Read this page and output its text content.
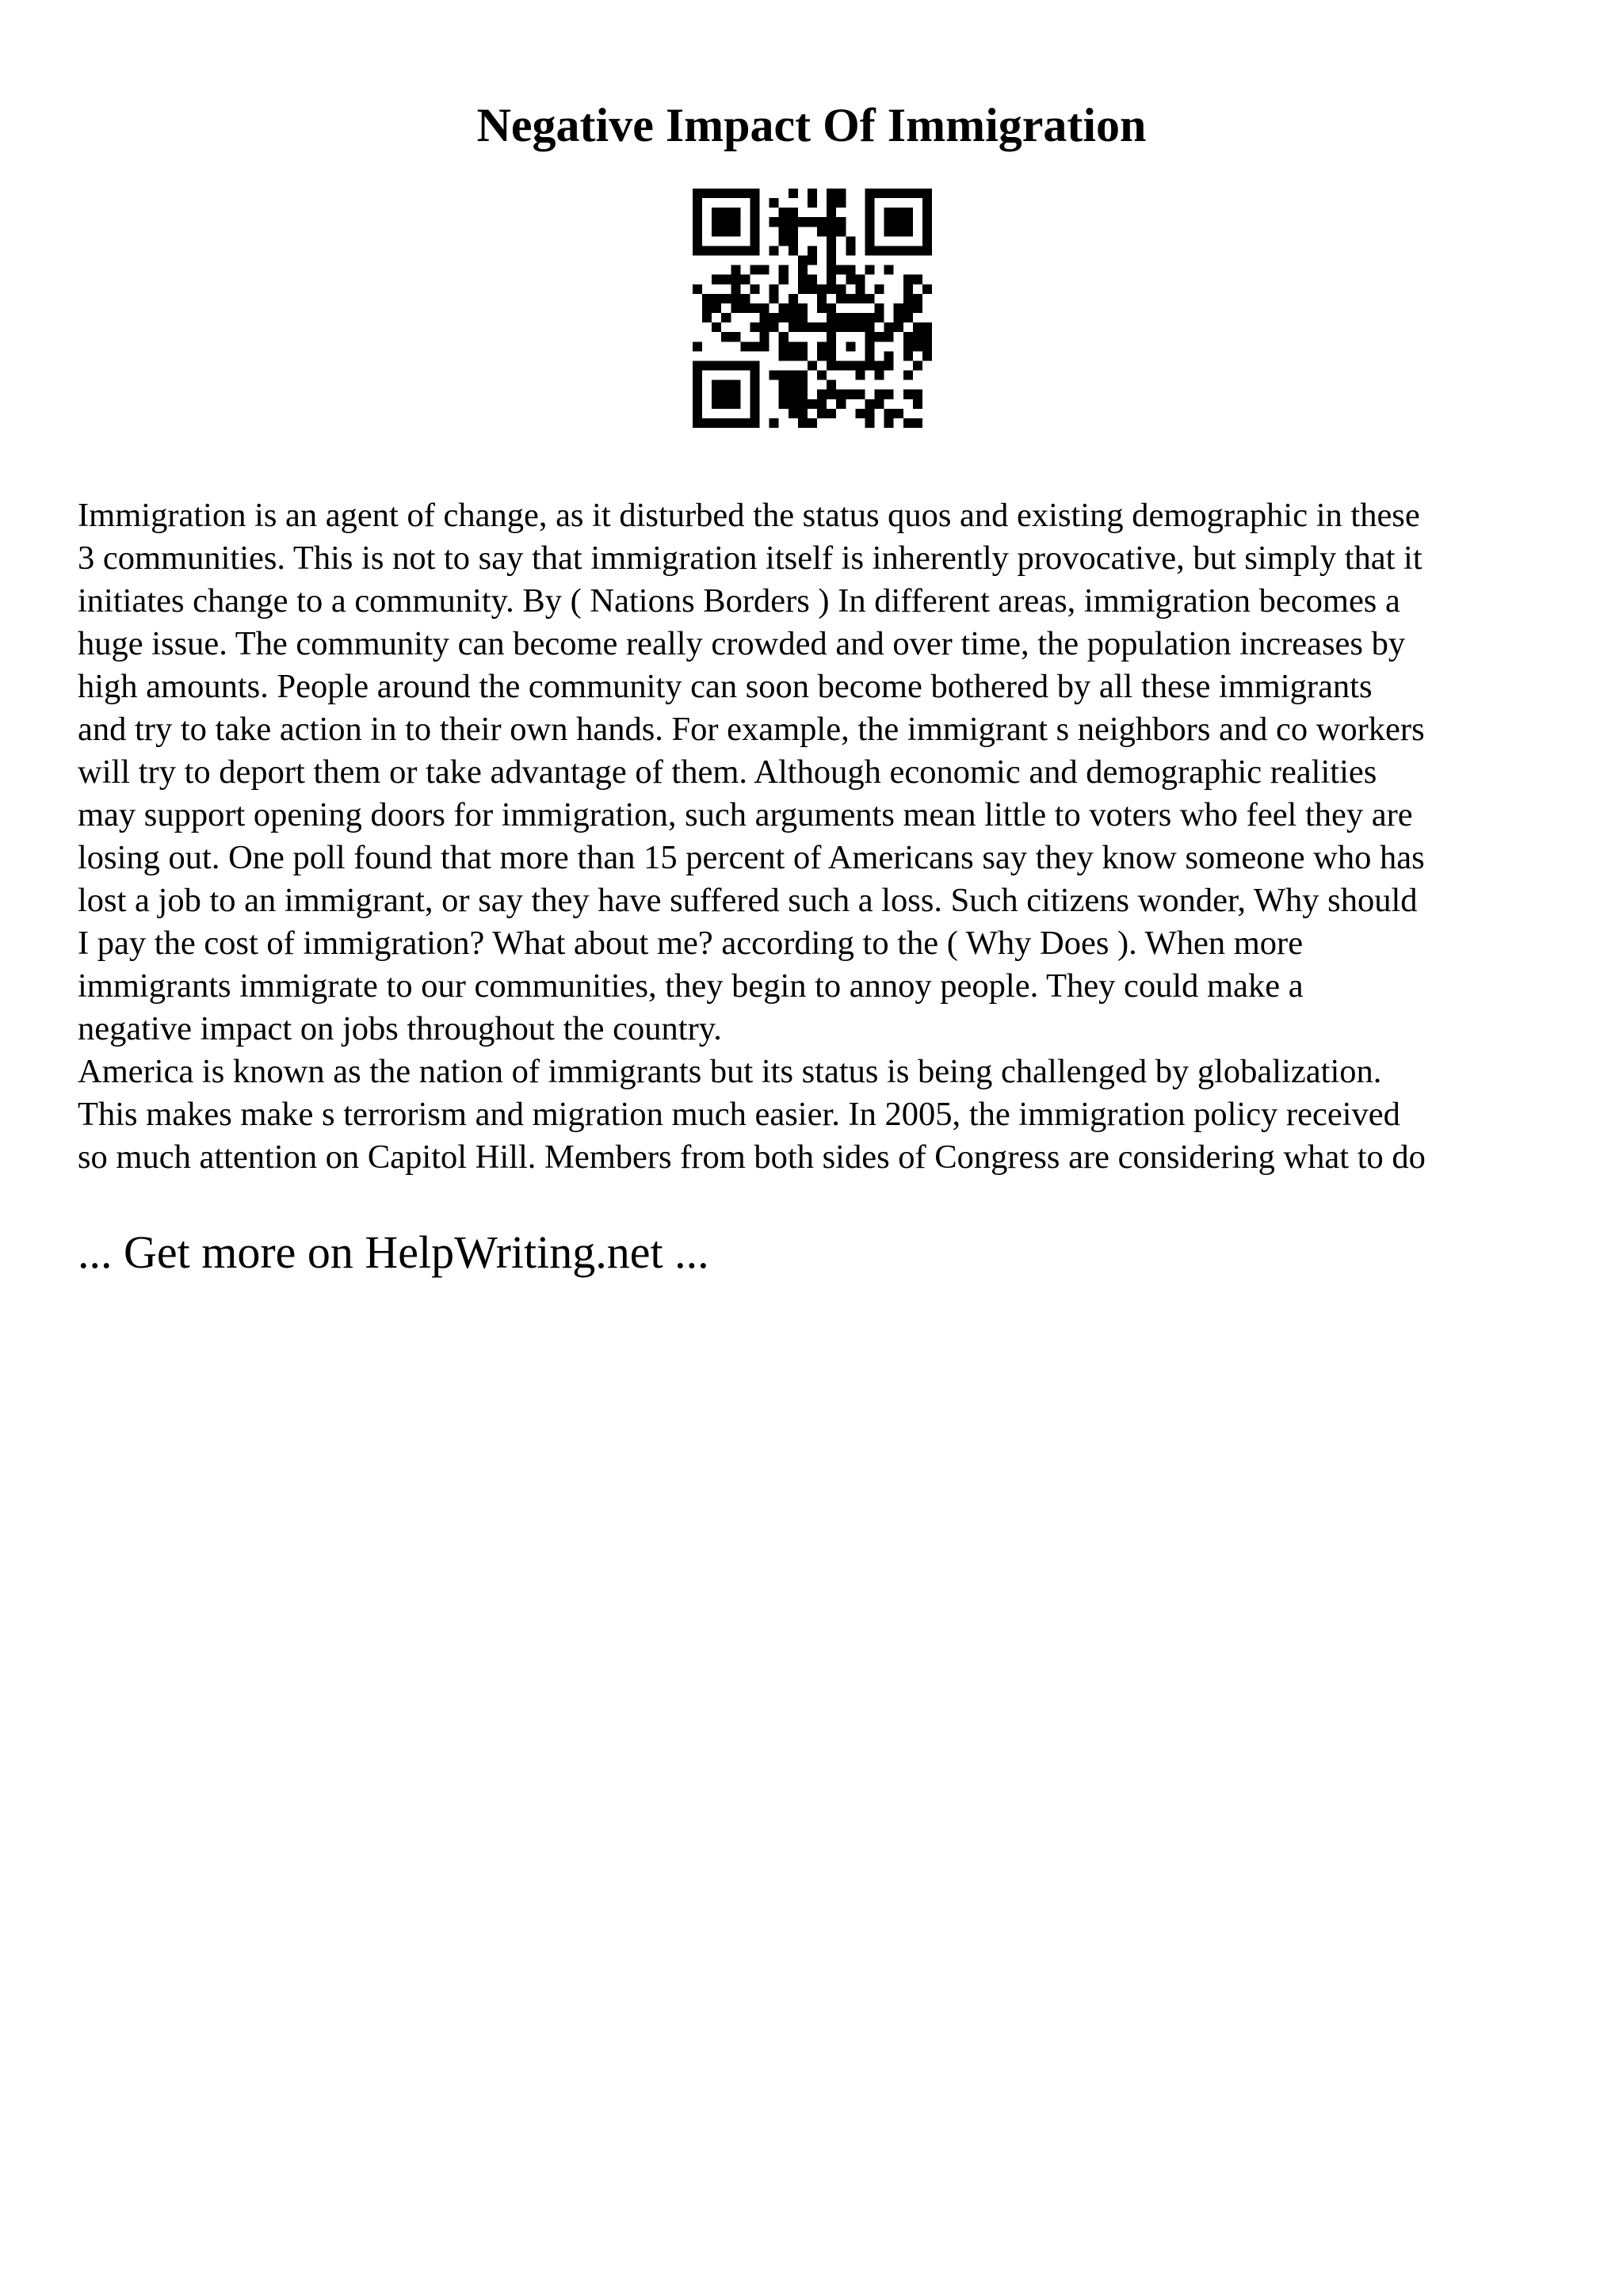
Negative Impact Of Immigration
Immigration is an agent of change, as it disturbed the status quos and existing demographic in these
3 communities. This is not to say that immigration itself is inherently provocative, but simply that it
initiates change to a community. By ( Nations Borders ) In different areas, immigration becomes a
huge issue. The community can become really crowded and over time, the population increases by
high amounts. People around the community can soon become bothered by all these immigrants
and try to take action in to their own hands. For example, the immigrant s neighbors and co workers
will try to deport them or take advantage of them. Although economic and demographic realities
may support opening doors for immigration, such arguments mean little to voters who feel they are
losing out. One poll found that more than 15 percent of Americans say they know someone who has
lost a job to an immigrant, or say they have suffered such a loss. Such citizens wonder, Why should
I pay the cost of immigration? What about me? according to the ( Why Does ). When more
immigrants immigrate to our communities, they begin to annoy people. They could make a
negative impact on jobs throughout the country.
America is known as the nation of immigrants but its status is being challenged by globalization.
This makes make s terrorism and migration much easier. In 2005, the immigration policy received
so much attention on Capitol Hill. Members from both sides of Congress are considering what to do

... Get more on HelpWriting.net ...
